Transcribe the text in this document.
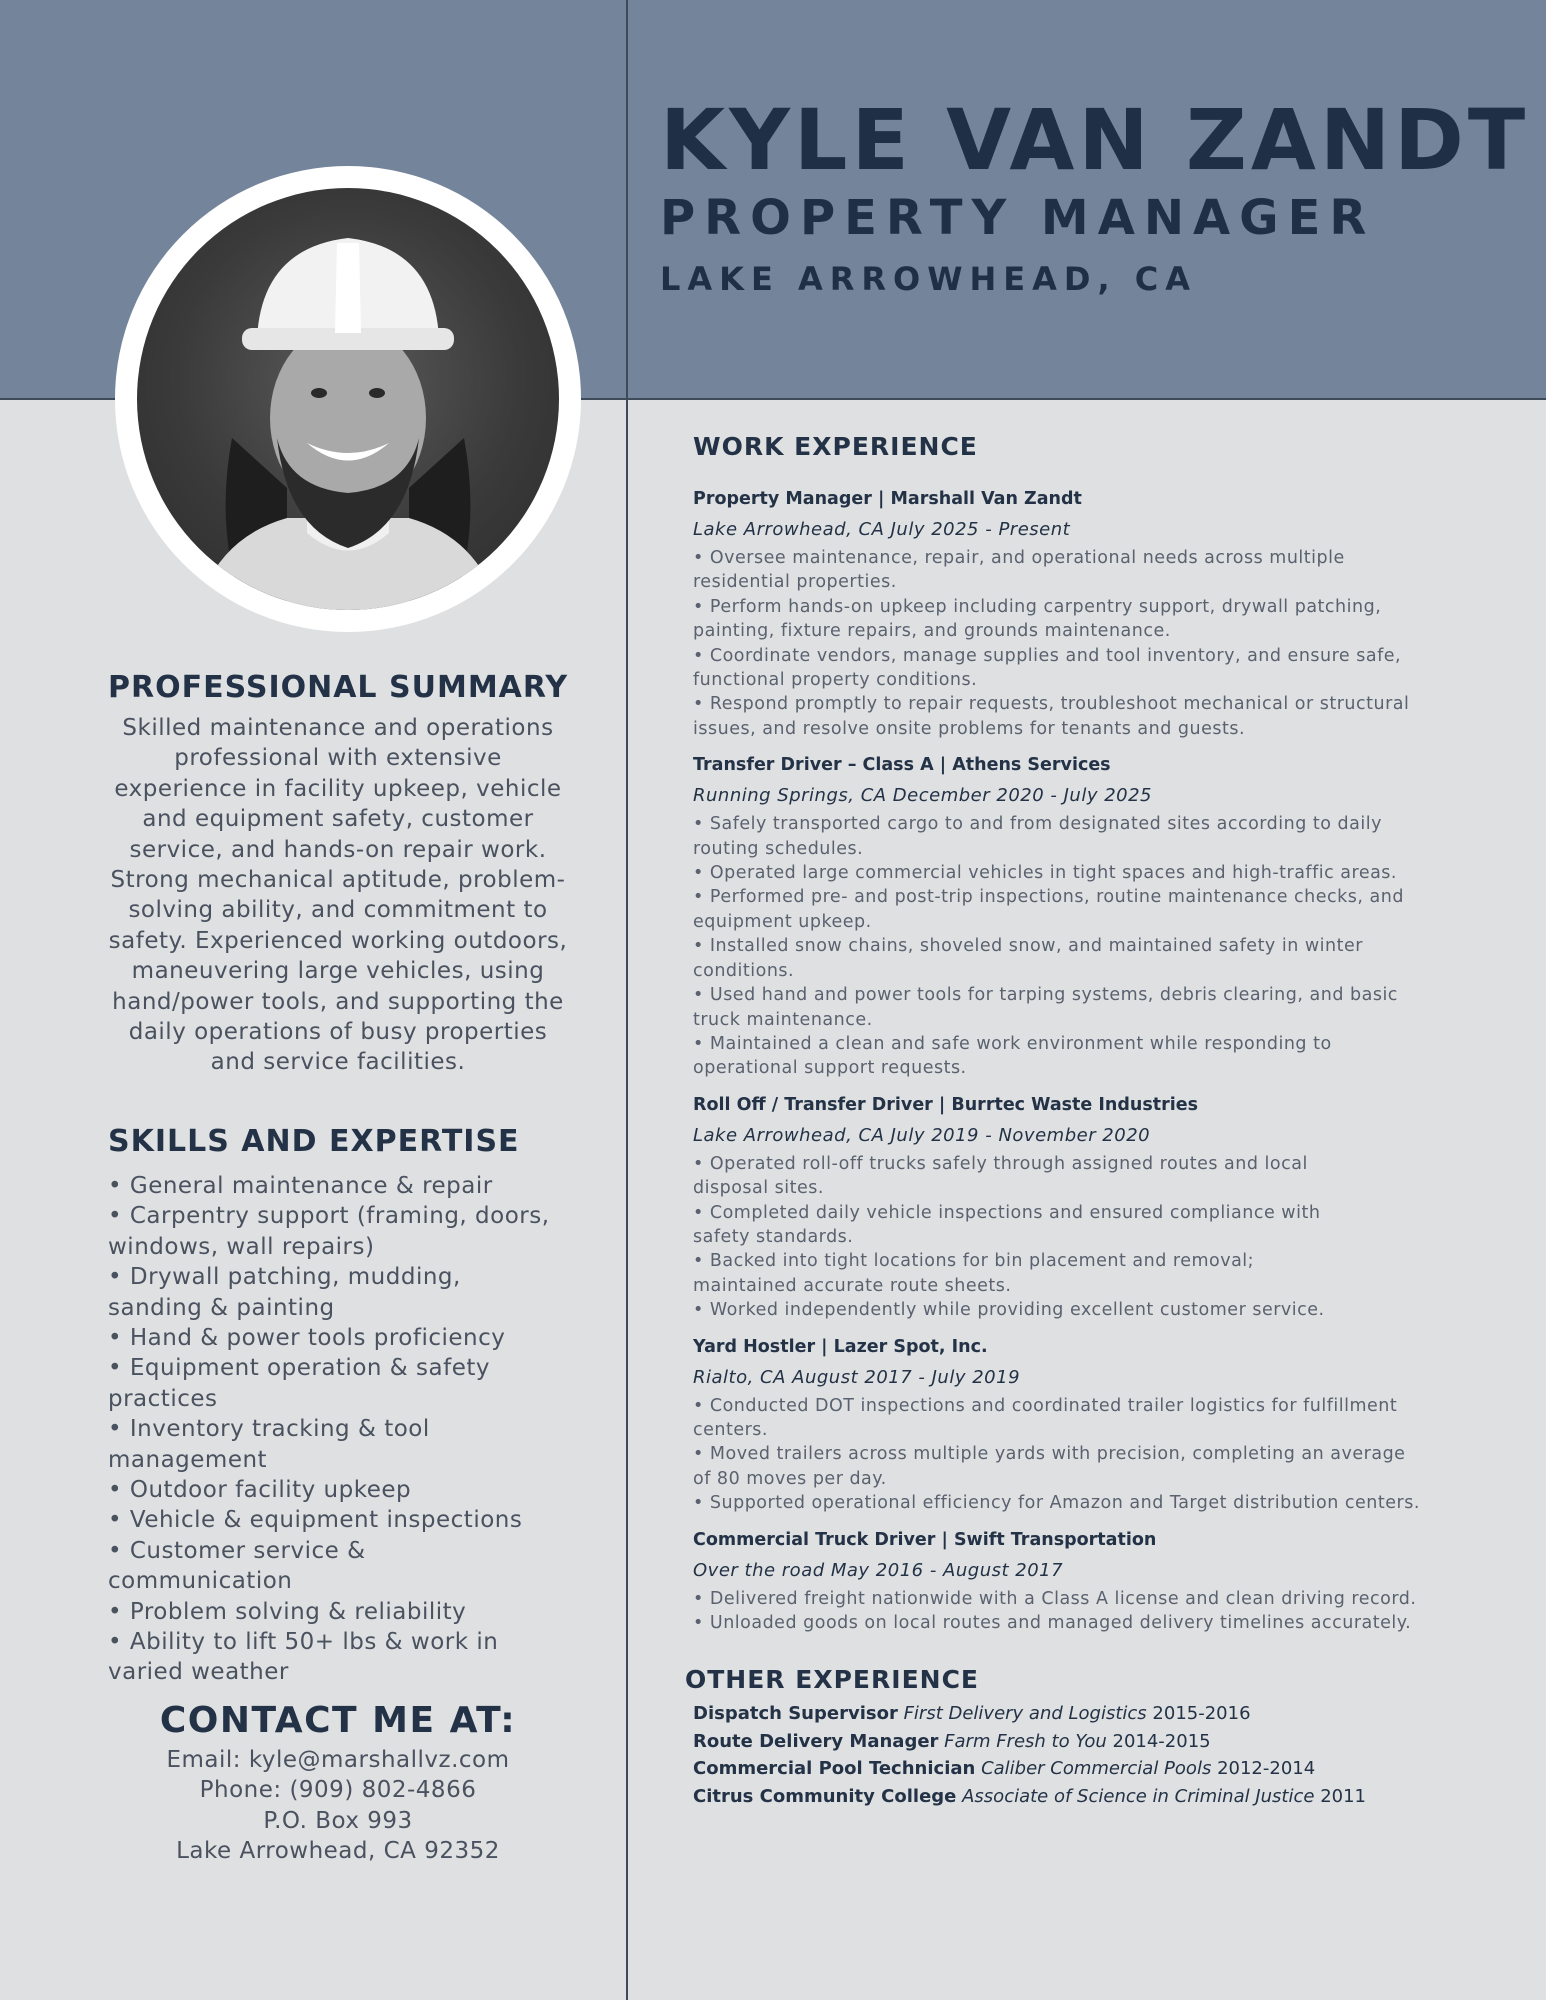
KYLE VAN ZANDT
PROPERTY MANAGER
LAKE ARROWHEAD, CA
PROFESSIONAL SUMMARY
Skilled maintenance and operations professional with extensive experience in facility upkeep, vehicle and equipment safety, customer service, and hands-on repair work. Strong mechanical aptitude, problem-solving ability, and commitment to safety. Experienced working outdoors, maneuvering large vehicles, using hand/power tools, and supporting the daily operations of busy properties and service facilities.
SKILLS AND EXPERTISE
• General maintenance & repair
• Carpentry support (framing, doors,
windows, wall repairs)
• Drywall patching, mudding,
sanding & painting
• Hand & power tools proficiency
• Equipment operation & safety
practices
• Inventory tracking & tool
management
• Outdoor facility upkeep
• Vehicle & equipment inspections
• Customer service &
communication
• Problem solving & reliability
• Ability to lift 50+ lbs & work in
varied weather
CONTACT ME AT:
Email: kyle@marshallvz.com
Phone: (909) 802-4866
P.O. Box 993
Lake Arrowhead, CA 92352
WORK EXPERIENCE
Property Manager | Marshall Van Zandt
Lake Arrowhead, CA July 2025 - Present
• Oversee maintenance, repair, and operational needs across multiple residential properties.
• Perform hands-on upkeep including carpentry support, drywall patching, painting, fixture repairs, and grounds maintenance.
• Coordinate vendors, manage supplies and tool inventory, and ensure safe, functional property conditions.
• Respond promptly to repair requests, troubleshoot mechanical or structural issues, and resolve onsite problems for tenants and guests.
Transfer Driver – Class A | Athens Services
Running Springs, CA December 2020 - July 2025
• Safely transported cargo to and from designated sites according to daily routing schedules.
• Operated large commercial vehicles in tight spaces and high-traffic areas.
• Performed pre- and post-trip inspections, routine maintenance checks, and equipment upkeep.
• Installed snow chains, shoveled snow, and maintained safety in winter conditions.
• Used hand and power tools for tarping systems, debris clearing, and basic truck maintenance.
• Maintained a clean and safe work environment while responding to operational support requests.
Roll Off / Transfer Driver | Burrtec Waste Industries
Lake Arrowhead, CA July 2019 - November 2020
• Operated roll-off trucks safely through assigned routes and local
disposal sites.
• Completed daily vehicle inspections and ensured compliance with
safety standards.
• Backed into tight locations for bin placement and removal;
maintained accurate route sheets.
• Worked independently while providing excellent customer service.
Yard Hostler | Lazer Spot, Inc.
Rialto, CA August 2017 - July 2019
• Conducted DOT inspections and coordinated trailer logistics for fulfillment centers.
• Moved trailers across multiple yards with precision, completing an average of 80 moves per day.
• Supported operational efficiency for Amazon and Target distribution centers.
Commercial Truck Driver | Swift Transportation
Over the road May 2016 - August 2017
• Delivered freight nationwide with a Class A license and clean driving record.
• Unloaded goods on local routes and managed delivery timelines accurately.
OTHER EXPERIENCE
Dispatch Supervisor First Delivery and Logistics 2015-2016
Route Delivery Manager Farm Fresh to You 2014-2015
Commercial Pool Technician Caliber Commercial Pools 2012-2014
Citrus Community College Associate of Science in Criminal Justice 2011
